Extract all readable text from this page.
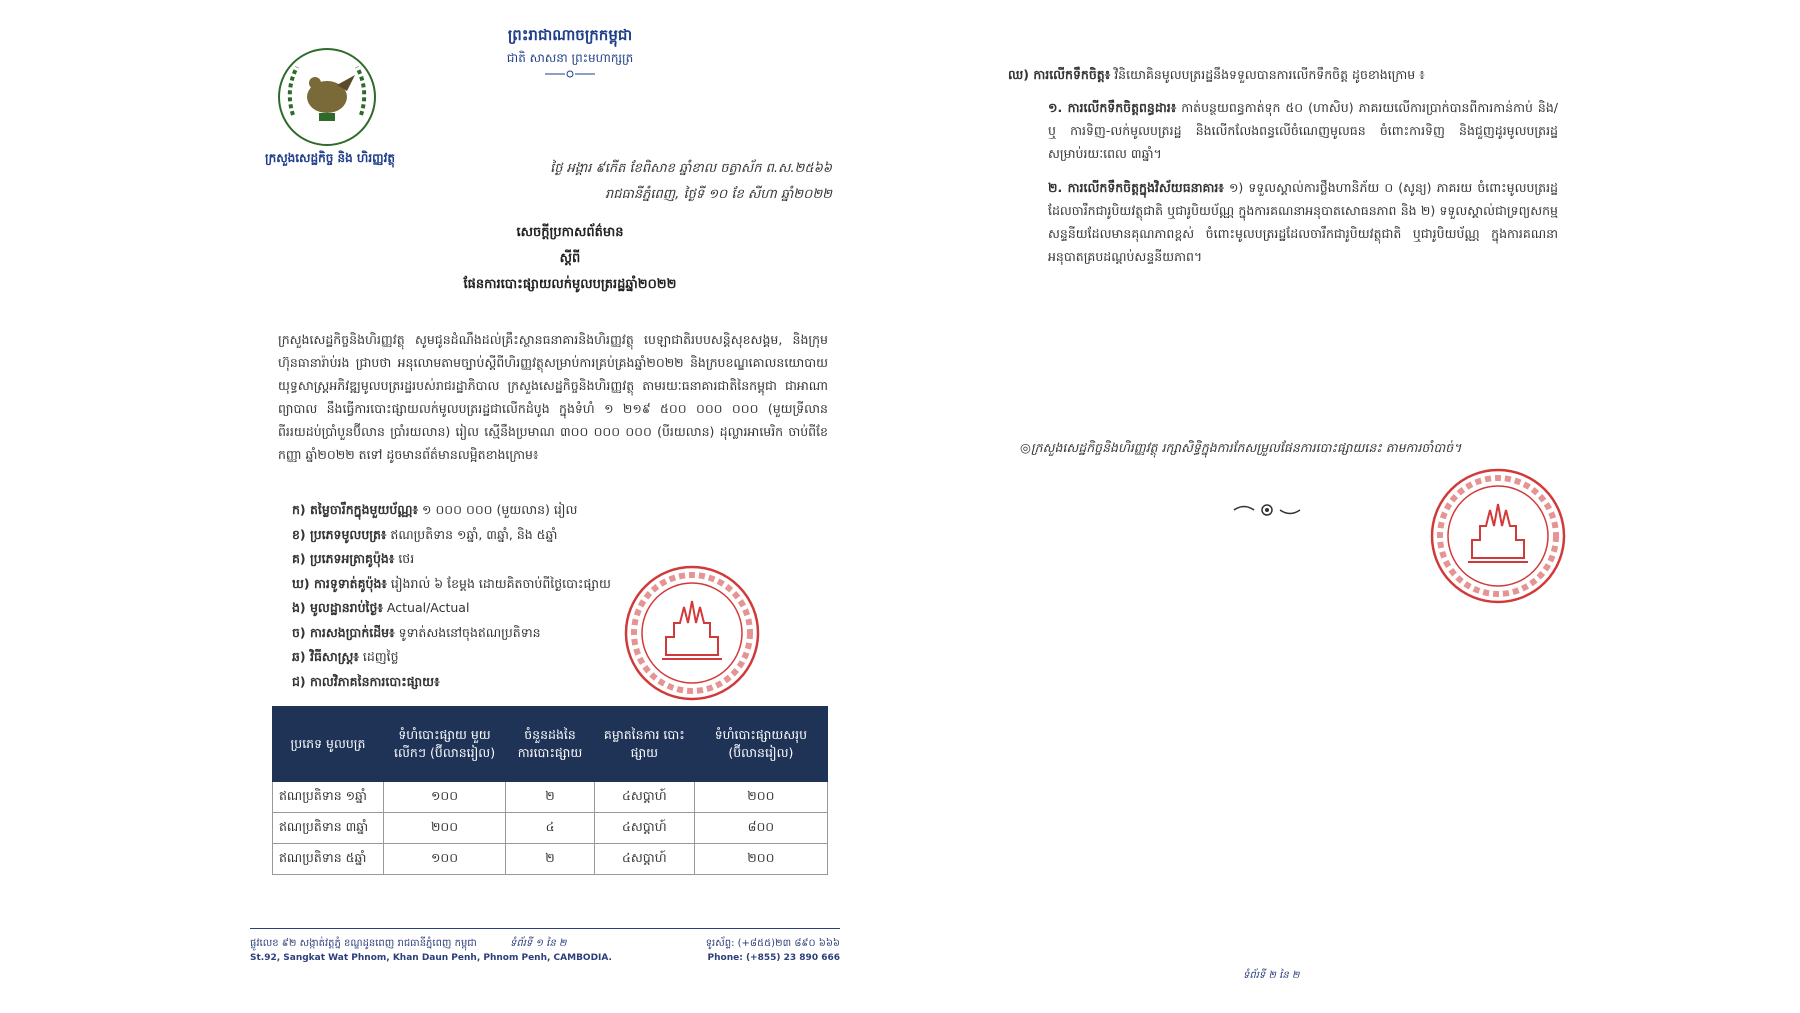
ក្រសួងសេដ្ឋកិច្ច និង ហិរញ្ញវត្ថុ
ព្រះរាជាណាចក្រកម្ពុជា
ជាតិ សាសនា ព្រះមហាក្សត្រ
ថ្ងៃ អង្គារ ៩កើត ខែពិសាខ ឆ្នាំខាល ចត្វាស័ក ព.ស.២៥៦៦
រាជធានីភ្នំពេញ, ថ្ងៃទី ១០ ខែ សីហា ឆ្នាំ២០២២
សេចក្តីប្រកាសព័ត៌មាន
ស្តីពី
ផែនការបោះផ្សាយលក់មូលបត្ររដ្ឋឆ្នាំ២០២២
ក្រសួងសេដ្ឋកិច្ចនិងហិរញ្ញវត្ថុ សូមជូនដំណឹងដល់គ្រឹះស្ថានធនាគារនិងហិរញ្ញវត្ថុ បេឡាជាតិរបបសន្តិសុខសង្គម, និងក្រុមហ៊ុនធានារ៉ាប់រង ជ្រាបថា អនុលោមតាមច្បាប់ស្តីពីហិរញ្ញវត្ថុសម្រាប់ការគ្រប់គ្រងឆ្នាំ២០២២ និងក្របខណ្ឌគោលនយោបាយយុទ្ធសាស្ត្រអភិវឌ្ឍមូលបត្ររដ្ឋរបស់រាជរដ្ឋាភិបាល ក្រសួងសេដ្ឋកិច្ចនិងហិរញ្ញវត្ថុ តាមរយៈធនាគារជាតិនៃកម្ពុជា ជាអាណាព្យាបាល នឹងធ្វើការបោះផ្សាយលក់មូលបត្ររដ្ឋជាលើកដំបូង ក្នុងទំហំ ១ ២១៩ ៥០០ ០០០ ០០០ (មួយទ្រីលាន ពីររយដប់ប្រាំបួនប៊ីលាន ប្រាំរយលាន) រៀល ស្មើនឹងប្រមាណ ៣០០ ០០០ ០០០ (បីរយលាន) ដុល្លារអាមេរិក ចាប់ពីខែកញ្ញា ឆ្នាំ២០២២ តទៅ ដូចមានព័ត៌មានលម្អិតខាងក្រោម៖
ក) តម្លៃចារឹកក្នុងមួយប័ណ្ណ៖ ១ ០០០ ០០០ (មួយលាន) រៀល
ខ) ប្រភេទមូលបត្រ៖ ឥណប្រតិទាន ១ឆ្នាំ, ៣ឆ្នាំ, និង ៥ឆ្នាំ
គ) ប្រភេទអត្រាគូប៉ុង៖ ថេរ
ឃ) ការទូទាត់គូប៉ុង៖ រៀងរាល់ ៦ ខែម្តង ដោយគិតចាប់ពីថ្ងៃបោះផ្សាយ
ង) មូលដ្ឋានរាប់ថ្ងៃ៖ Actual/Actual
ច) ការសងប្រាក់ដើម៖ ទូទាត់សងនៅចុងឥណប្រតិទាន
ឆ) វិធីសាស្ត្រ៖ ដេញថ្លៃ
ជ) កាលវិភាគនៃការបោះផ្សាយ៖
ប្រភេទ មូលបត្រ	ទំហំបោះផ្សាយ មួយលើកៗ (ប៊ីលានរៀល)	ចំនួនដងនៃ ការបោះផ្សាយ	គម្លាតនៃការ បោះផ្សាយ	ទំហំបោះផ្សាយសរុប (ប៊ីលានរៀល)
ឥណប្រតិទាន ១ឆ្នាំ	១០០	២	៤សប្តាហ៍	២០០
ឥណប្រតិទាន ៣ឆ្នាំ	២០០	៤	៤សប្តាហ៍	៨០០
ឥណប្រតិទាន ៥ឆ្នាំ	១០០	២	៤សប្តាហ៍	២០០
ផ្លូវលេខ ៩២ សង្កាត់វត្តភ្នំ ខណ្ឌដូនពេញ រាជធានីភ្នំពេញ កម្ពុជា
St.92, Sangkat Wat Phnom, Khan Daun Penh, Phnom Penh, CAMBODIA.
ទំព័រទី ១ នៃ ២	ទូរស័ព្ទ: (+៨៥៥)២៣ ៨៩០ ៦៦៦
Phone: (+855) 23 890 666
ឈ) ការលើកទឹកចិត្ត៖ វិនិយោគិនមូលបត្ររដ្ឋនឹងទទួលបានការលើកទឹកចិត្ត ដូចខាងក្រោម ៖
១. ការលើកទឹកចិត្តពន្ធដារ៖ កាត់បន្ថយពន្ធកាត់ទុក ៥០ (ហាសិប) ភាគរយលើការប្រាក់បានពីការកាន់កាប់ និង/ឬ ការទិញ-លក់មូលបត្ររដ្ឋ និងលើកលែងពន្ធលើចំណេញមូលធន ចំពោះការទិញ និងជួញដូរមូលបត្ររដ្ឋ សម្រាប់រយៈពេល ៣ឆ្នាំ។
២. ការលើកទឹកចិត្តក្នុងវិស័យធនាគារ៖ ១) ទទួលស្គាល់ការថ្លឹងហានិភ័យ ០ (សូន្យ) ភាគរយ ចំពោះមូលបត្ររដ្ឋដែលចារឹកជារូបិយវត្ថុជាតិ ឬជារូបិយប័ណ្ណ ក្នុងការគណនាអនុបាតសោធនភាព និង ២) ទទួលស្គាល់ជាទ្រព្យសកម្មសន្ទនីយដែលមានគុណភាពខ្ពស់ ចំពោះមូលបត្ររដ្ឋដែលចារឹកជារូបិយវត្ថុជាតិ ឬជារូបិយប័ណ្ណ ក្នុងការគណនាអនុបាតគ្របដណ្តប់សន្ទនីយភាព។
◎ក្រសួងសេដ្ឋកិច្ចនិងហិរញ្ញវត្ថុ រក្សាសិទ្ធិក្នុងការកែសម្រួលផែនការបោះផ្សាយនេះ តាមការចាំបាច់។
ទំព័រទី ២ នៃ ២
